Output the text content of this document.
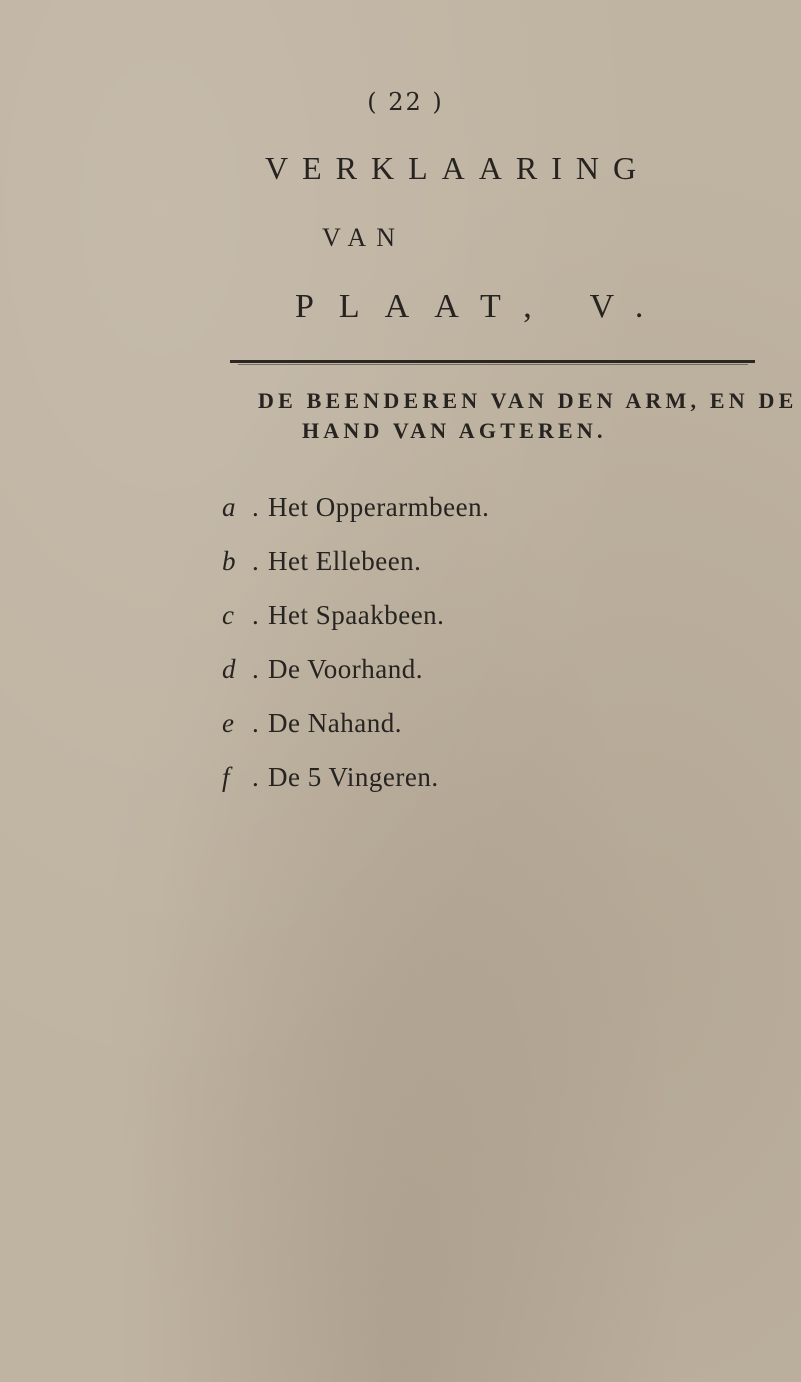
( 22 )
VERKLAARING
VAN
PLAAT, V.
DE BEENDEREN VAN DEN ARM, EN DE
HAND VAN AGTEREN.
a . Het Opperarmbeen.
b . Het Ellebeen.
c . Het Spaakbeen.
d . De Voorhand.
e . De Nahand.
f . De 5 Vingeren.
